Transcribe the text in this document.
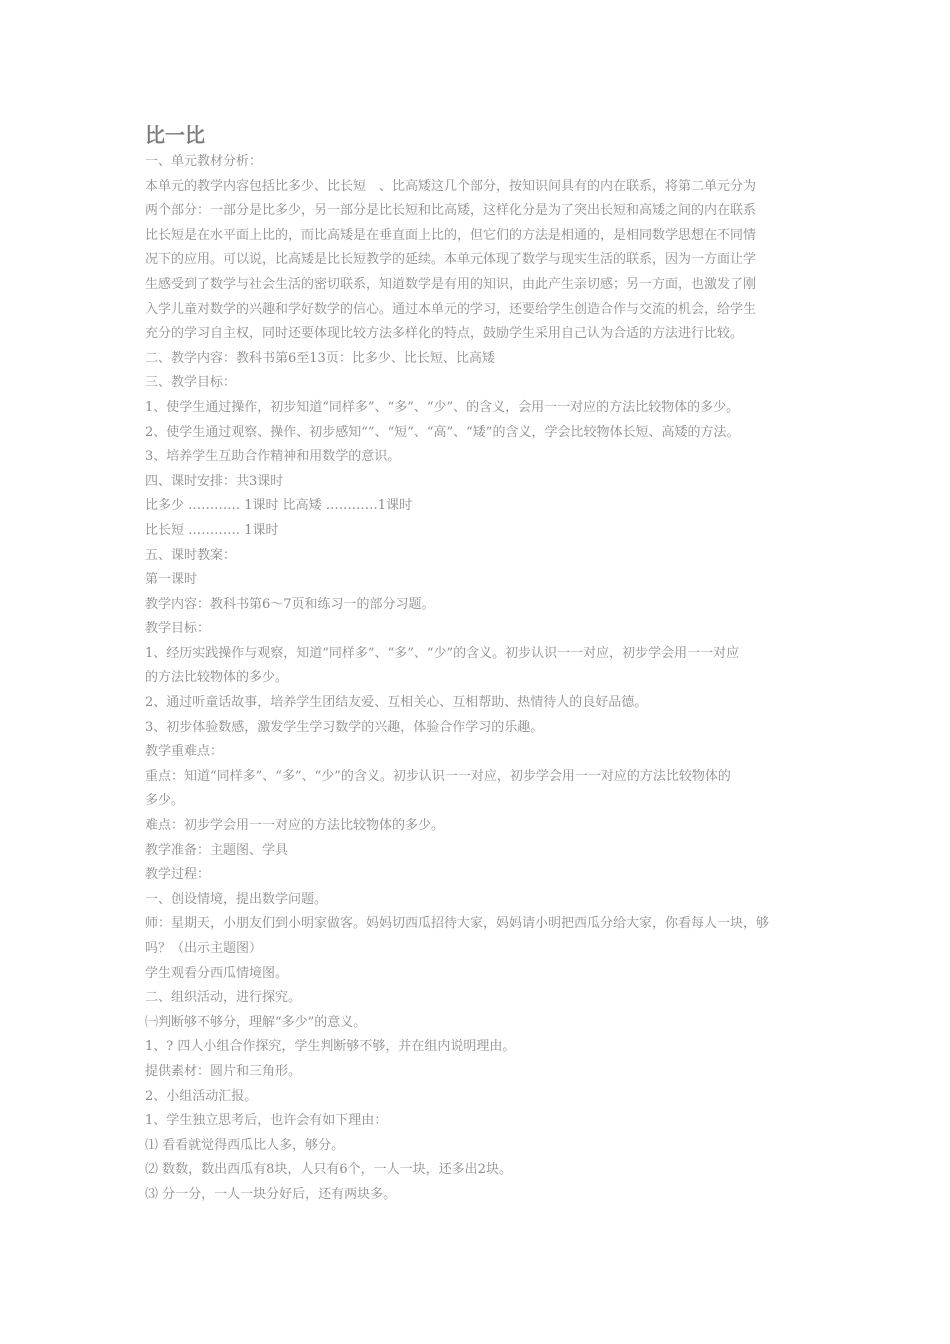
比一比

一、单元教材分析：

本单元的教学内容包括比多少、比长短　、比高矮这几个部分，按知识间具有的内在联系，将第二单元分为

两个部分：一部分是比多少，另一部分是比长短和比高矮，这样化分是为了突出长短和高矮之间的内在联系

比长短是在水平面上比的，而比高矮是在垂直面上比的，但它们的方法是相通的，是相同数学思想在不同情

况下的应用。可以说，比高矮是比长短教学的延续。本单元体现了数学与现实生活的联系，因为一方面让学

生感受到了数学与社会生活的密切联系，知道数学是有用的知识，由此产生亲切感；另一方面，也激发了刚

入学儿童对数学的兴趣和学好数学的信心。通过本单元的学习，还要给学生创造合作与交流的机会，给学生

充分的学习自主权，同时还要体现比较方法多样化的特点，鼓励学生采用自己认为合适的方法进行比较。

二、教学内容：教科书第6至13页：比多少、比长短、比高矮

三、教学目标：

1、使学生通过操作，初步知道“同样多”、“多”、“少”、的含义，会用一一对应的方法比较物体的多少。

2、使学生通过观察、操作、初步感知“”、“短”、“高”、“矮”的含义，学会比较物体长短、高矮的方法。

3、培养学生互助合作精神和用数学的意识。

四、课时安排：共3课时

比多少 ………… 1课时 比高矮 …………1课时

比长短 ………… 1课时

五、课时教案：

第一课时

教学内容：教科书第6～7页和练习一的部分习题。

教学目标：

1、经历实践操作与观察，知道“同样多”、“多”、“少”的含义。初步认识一一对应，初步学会用一一对应

的方法比较物体的多少。

2、通过听童话故事，培养学生团结友爱、互相关心、互相帮助、热情待人的良好品德。

3、初步体验数感，激发学生学习数学的兴趣，体验合作学习的乐趣。

教学重难点：

重点：知道“同样多”、“多”、“少”的含义。初步认识一一对应，初步学会用一一对应的方法比较物体的

多少。

难点：初步学会用一一对应的方法比较物体的多少。

教学准备：主题图、学具

教学过程：

一、创设情境，提出数学问题。

师：星期天，小朋友们到小明家做客。妈妈切西瓜招待大家，妈妈请小明把西瓜分给大家，你看每人一块，够

吗？（出示主题图）

学生观看分西瓜情境图。

二、组织活动，进行探究。

㈠判断够不够分，理解“多少”的意义。

1、? 四人小组合作探究，学生判断够不够，并在组内说明理由。

提供素材：圆片和三角形。

2、小组活动汇报。

1、学生独立思考后，也许会有如下理由：

⑴ 看看就觉得西瓜比人多，够分。

⑵ 数数，数出西瓜有8块，人只有6个，一人一块，还多出2块。

⑶ 分一分，一人一块分好后，还有两块多。
